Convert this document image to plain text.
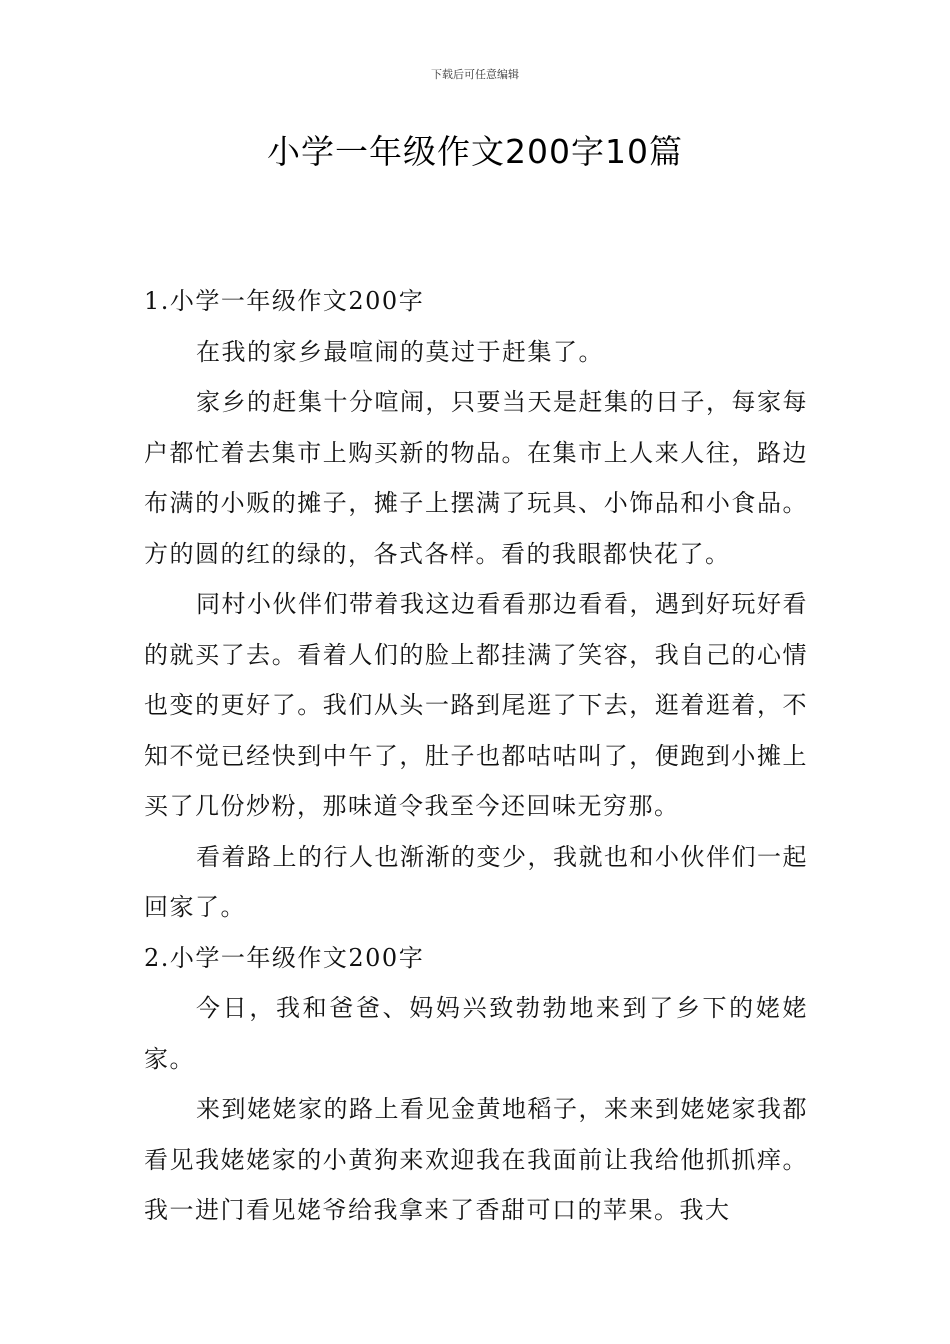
下载后可任意编辑
小学一年级作文200字10篇

1.小学一年级作文200字

在我的家乡最喧闹的莫过于赶集了。

家乡的赶集十分喧闹，只要当天是赶集的日子，每家每户都忙着去集市上购买新的物品。在集市上人来人往，路边布满的小贩的摊子，摊子上摆满了玩具、小饰品和小食品。方的圆的红的绿的，各式各样。看的我眼都快花了。

同村小伙伴们带着我这边看看那边看看，遇到好玩好看的就买了去。看着人们的脸上都挂满了笑容，我自己的心情也变的更好了。我们从头一路到尾逛了下去，逛着逛着，不知不觉已经快到中午了，肚子也都咕咕叫了，便跑到小摊上买了几份炒粉，那味道令我至今还回味无穷那。

看着路上的行人也渐渐的变少，我就也和小伙伴们一起回家了。

2.小学一年级作文200字

今日，我和爸爸、妈妈兴致勃勃地来到了乡下的姥姥家。

来到姥姥家的路上看见金黄地稻子，来来到姥姥家我都看见我姥姥家的小黄狗来欢迎我在我面前让我给他抓抓痒。我一进门看见姥爷给我拿来了香甜可口的苹果。我大
